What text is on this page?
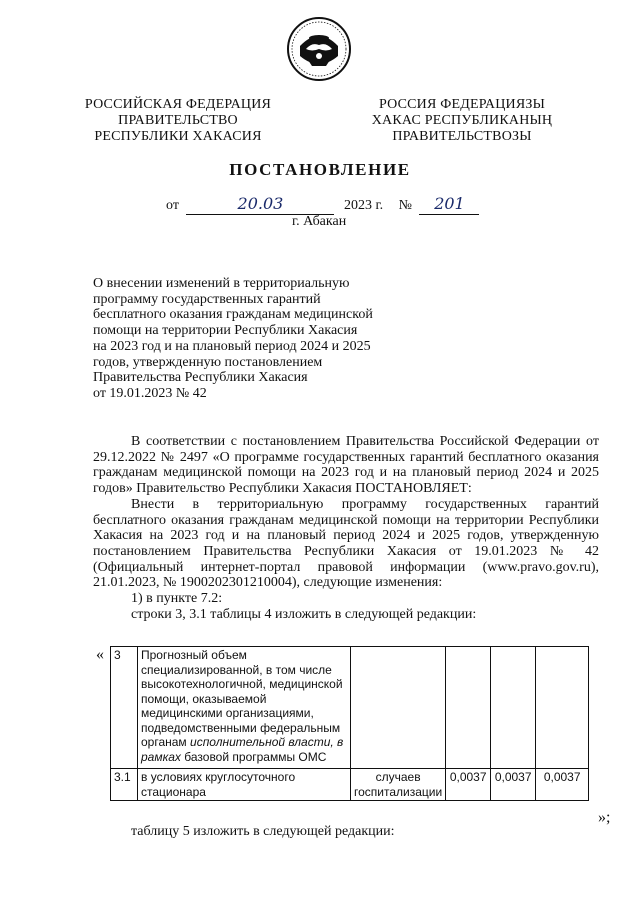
РОССИЙСКАЯ ФЕДЕРАЦИЯ
ПРАВИТЕЛЬСТВО
РЕСПУБЛИКИ ХАКАСИЯ
РОССИЯ ФЕДЕРАЦИЯЗЫ
ХАКАС РЕСПУБЛИКАНЫҢ
ПРАВИТЕЛЬСТВОЗЫ
ПОСТАНОВЛЕНИЕ
от	20.03	2023 г. № 201
г. Абакан
О внесении изменений в территориальную
программу государственных гарантий
бесплатного оказания гражданам медицинской
помощи на территории Республики Хакасия
на 2023 год и на плановый период 2024 и 2025
годов, утвержденную постановлением
Правительства Республики Хакасия
от 19.01.2023 № 42

В соответствии с постановлением Правительства Российской Федерации от 29.12.2022 № 2497 «О программе государственных гарантий бесплатного оказания гражданам медицинской помощи на 2023 год и на плановый период 2024 и 2025 годов» Правительство Республики Хакасия ПОСТАНОВЛЯЕТ:

Внести в территориальную программу государственных гарантий бесплатного оказания гражданам медицинской помощи на территории Республики Хакасия на 2023 год и на плановый период 2024 и 2025 годов, утвержденную постановлением Правительства Республики Хакасия от 19.01.2023 № 42 (Официальный интернет-портал правовой информации (www.pravo.gov.ru), 21.01.2023, № 1900202301210004), следующие изменения:

1) в пункте 7.2:

строки 3, 3.1 таблицы 4 изложить в следующей редакции:

« 3	Прогнозный объем специализированной, в том числе высокотехнологичной, медицинской помощи, оказываемой медицинскими организациями, подведомственными федеральным органам исполнительной власти, в рамках базовой программы ОМС				
3.1	в условиях круглосуточного стационара	случаев госпитализации	0,0037	0,0037	0,0037
»;

таблицу 5 изложить в следующей редакции:
